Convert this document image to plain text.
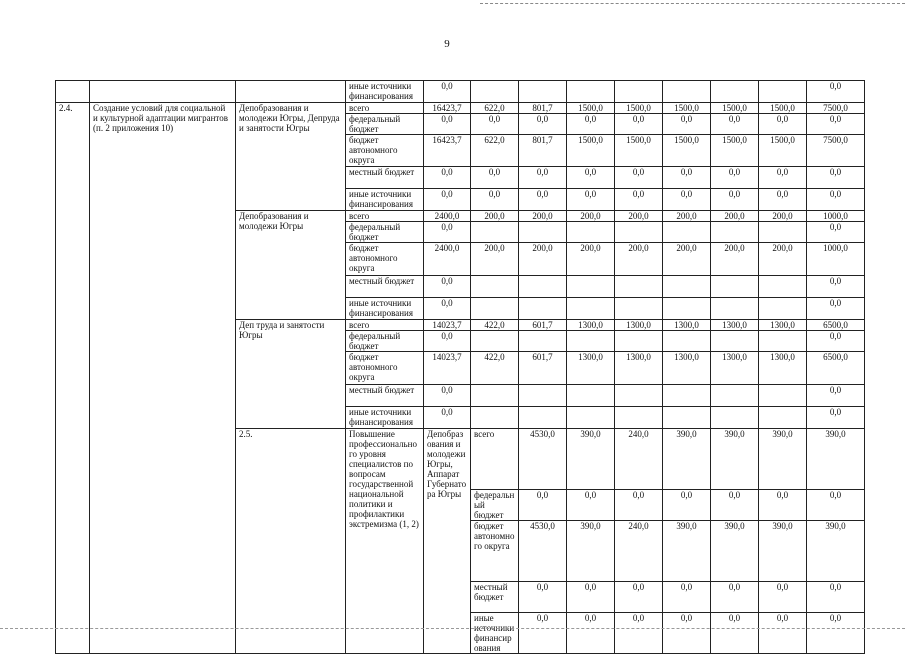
9
			иные источники финансирования	0,0								0,0	
2.4.	Создание условий для социальной и культурной адаптации мигрантов (п. 2 приложения 10)	Депобразования и молодежи Югры, Депруда и занятости Югры	всего	16423,7	622,0	801,7	1500,0	1500,0	1500,0	1500,0	1500,0	7500,0	
			федеральный бюджет	0,0	0,0	0,0	0,0	0,0	0,0	0,0	0,0	0,0	
			бюджет автономного округа	16423,7	622,0	801,7	1500,0	1500,0	1500,0	1500,0	1500,0	7500,0	
			местный бюджет	0,0	0,0	0,0	0,0	0,0	0,0	0,0	0,0	0,0	
			иные источники финансирования	0,0	0,0	0,0	0,0	0,0	0,0	0,0	0,0	0,0	
		Депобразования и молодежи Югры	всего	2400,0	200,0	200,0	200,0	200,0	200,0	200,0	200,0	1000,0	
			федеральный бюджет	0,0								0,0	
			бюджет автономного округа	2400,0	200,0	200,0	200,0	200,0	200,0	200,0	200,0	1000,0	
			местный бюджет	0,0								0,0	
			иные источники финансирования	0,0								0,0	
		Деп труда и занятости Югры	всего	14023,7	422,0	601,7	1300,0	1300,0	1300,0	1300,0	1300,0	6500,0	
			федеральный бюджет	0,0								0,0	
			бюджет автономного округа	14023,7	422,0	601,7	1300,0	1300,0	1300,0	1300,0	1300,0	6500,0	
			местный бюджет	0,0								0,0	
			иные источники финансирования	0,0								0,0	
		2.5.	Повышение профессионального уровня специалистов по вопросам государственной национальной политики и профилактики экстремизма (1, 2)	Депобразования и молодежи Югры, Аппарат Губернатора Югры	всего	4530,0	390,0	240,0	390,0	390,0	390,0	390,0		
					федеральный бюджет	0,0	0,0	0,0	0,0	0,0	0,0	0,0		
					бюджет автономного округа	4530,0	390,0	240,0	390,0	390,0	390,0	390,0		
					местный бюджет	0,0	0,0	0,0	0,0	0,0	0,0	0,0		
					иные источники финансирования	0,0	0,0	0,0	0,0	0,0	0,0	0,0		
